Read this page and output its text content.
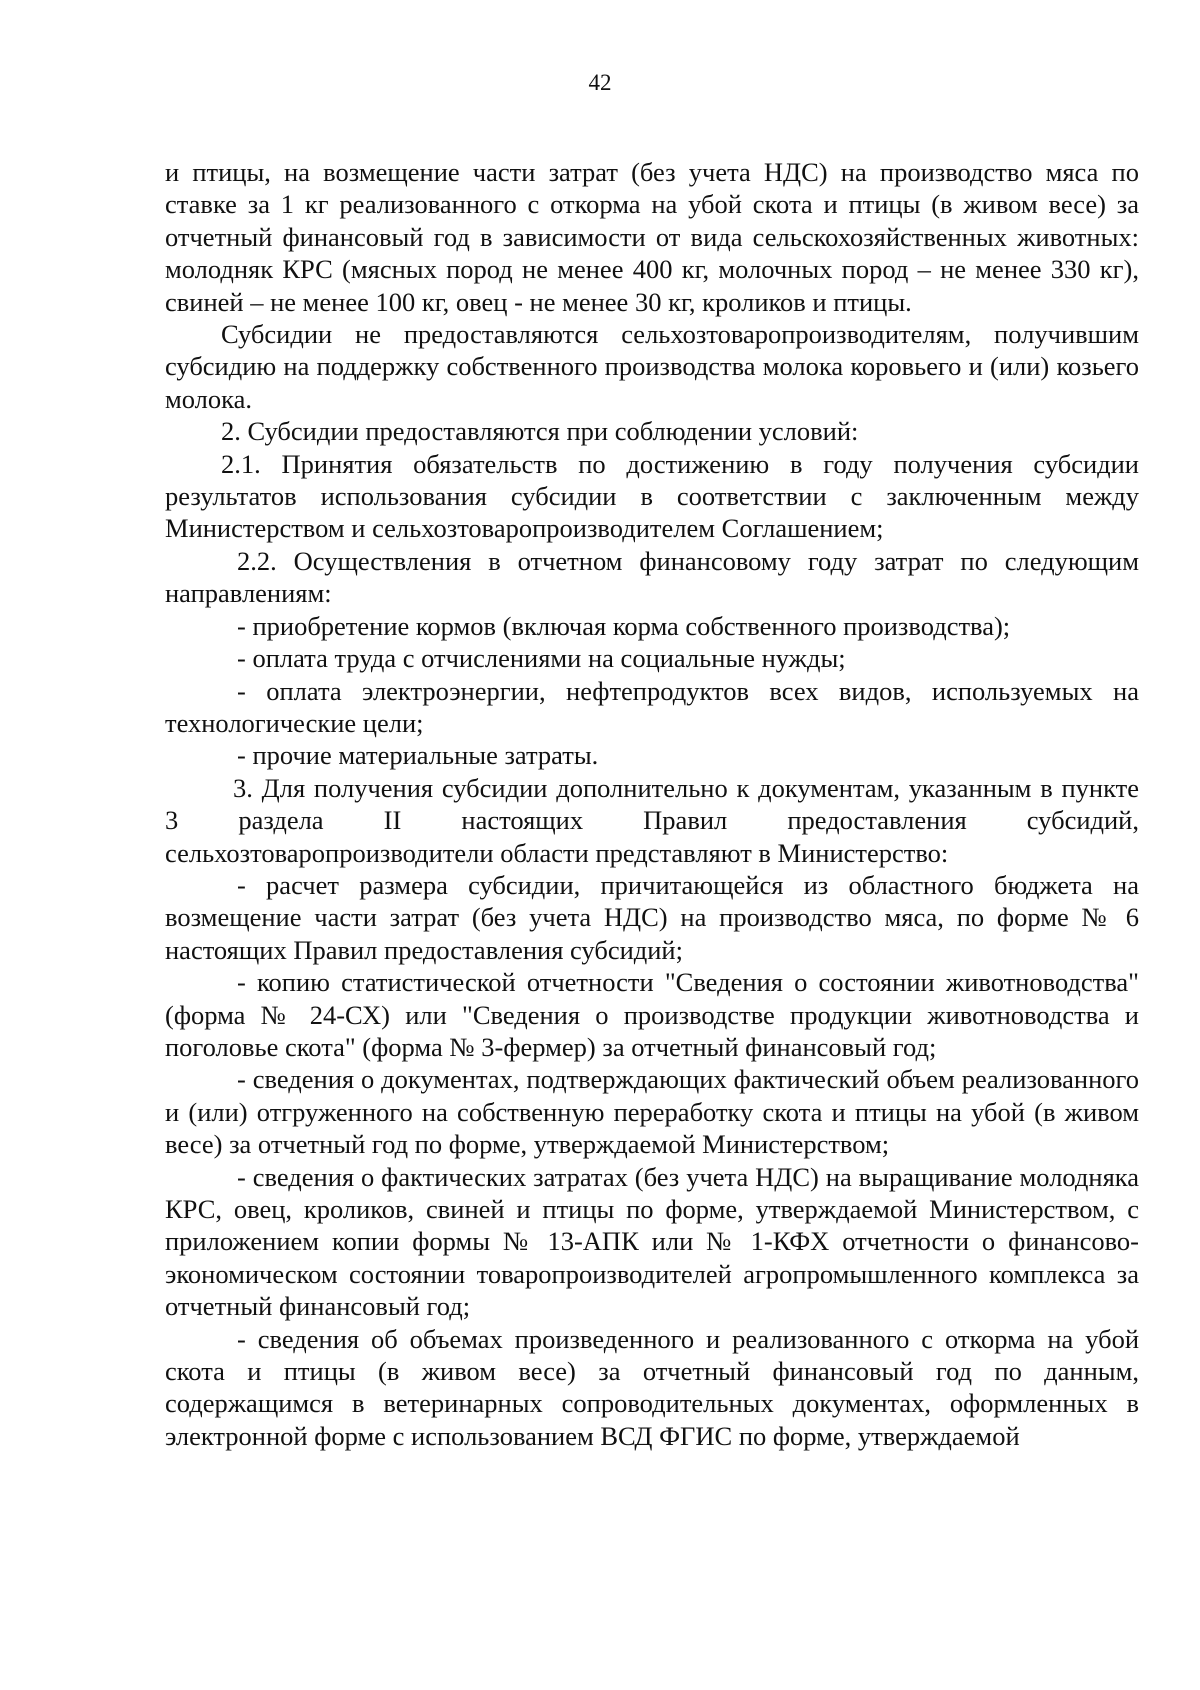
42

и птицы, на возмещение части затрат (без учета НДС) на производство мяса по ставке за 1 кг реализованного с откорма на убой скота и птицы (в живом весе) за отчетный финансовый год в зависимости от вида сельскохозяйственных животных: молодняк КРС (мясных пород не менее 400 кг, молочных пород – не менее 330 кг), свиней – не менее 100 кг, овец - не менее 30 кг, кроликов и птицы.

Субсидии не предоставляются сельхозтоваропроизводителям, получившим субсидию на поддержку собственного производства молока коровьего и (или) козьего молока.

2. Субсидии предоставляются при соблюдении условий:

2.1. Принятия обязательств по достижению в году получения субсидии результатов использования субсидии в соответствии с заключенным между Министерством и сельхозтоваропроизводителем Соглашением;

2.2. Осуществления в отчетном финансовому году затрат по следующим направлениям:

- приобретение кормов (включая корма собственного производства);

- оплата труда с отчислениями на социальные нужды;

- оплата электроэнергии, нефтепродуктов всех видов, используемых на технологические цели;

- прочие материальные затраты.

3. Для получения субсидии дополнительно к документам, указанным в пункте 3 раздела II настоящих Правил предоставления субсидий, сельхозтоваропроизводители области представляют в Министерство:

- расчет размера субсидии, причитающейся из областного бюджета на возмещение части затрат (без учета НДС) на производство мяса, по форме № 6 настоящих Правил предоставления субсидий;

- копию статистической отчетности "Сведения о состоянии животноводства" (форма № 24-СХ) или "Сведения о производстве продукции животноводства и поголовье скота" (форма № 3-фермер) за отчетный финансовый год;

- сведения о документах, подтверждающих фактический объем реализованного и (или) отгруженного на собственную переработку скота и птицы на убой (в живом весе) за отчетный год по форме, утверждаемой Министерством;

- сведения о фактических затратах (без учета НДС) на выращивание молодняка КРС, овец, кроликов, свиней и птицы по форме, утверждаемой Министерством, с приложением копии формы № 13-АПК или № 1-КФХ отчетности о финансово-экономическом состоянии товаропроизводителей агропромышленного комплекса за отчетный финансовый год;

- сведения об объемах произведенного и реализованного с откорма на убой скота и птицы (в живом весе) за отчетный финансовый год по данным, содержащимся в ветеринарных сопроводительных документах, оформленных в электронной форме с использованием ВСД ФГИС по форме, утверждаемой
